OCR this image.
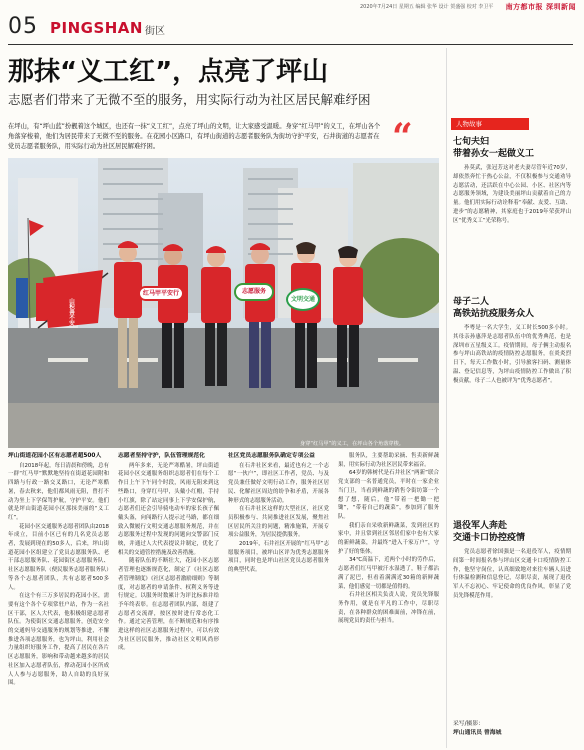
2020年7月24日 星期五 编辑 张华 设计 贺盛强 校对 李卫平 南方都市报 深圳新闻
05 PINGSHAN 街区
那抹“义工红”，点亮了坪山
志愿者们带来了无微不至的服务，用实际行动为社区居民解难纾困
在坪山，有“坪山蓝”扮靓着这个城区，也还有一抹“义工红”，点亮了坪山的文明，让大家感受温暖。身穿“红马甲”的义工，在坪山各个角落穿梭着，他们为居民带来了无微不至的服务。在花园小区路口，有坪山街道的志愿者服务队为街坊守护平安，石井街道的志愿者在党员志愿者服务队，用实际行动为社区居民解难纾困。	“
红马甲平安行	志愿服务
文明交通
山积善不安
身穿“红马甲”的义工，在坪山各个角落穿梭。
坪山街道花园小区有志愿者超500人

自2018年起，每日清晨和傍晚，总有一群“红马甲”默默地坚持在街道花园附和四路与行政一路交叉路口，无论严寒酷暑，春去秋来，他们都风雨无阻，曾打不动为坐上下学保驾护航，守护平安。他们就是坪山街道花园小区那抹美丽的“义工红”。

花园小区交通服务志愿者团队由2018年成立，目前小区已有的几名党员志愿者，发展到现在的50多人，后来，坪山街道花园小区组建立了党员志愿服务队、老干部志愿服务队、花园街区志愿服务队、社区志愿服务队（便民服务志愿者服务队）等各个志愿者团队，共有志愿者500多人。

在这个有三万多居民的花园小区，需要有这个各个专项常驻户站，作为一名社区干部，区人大代表，他积极组建志愿者队伍。为使街区交通志愿服务，创造安全的交通妈导交通服务的规划等推进，不懈推进各项志愿服务，也为坪山，利用社会力量组织好服务工作，提高了居民在各片区志愿服务，影响和带动越来越多的居民社区加入志愿者队伍，撑动花园小区所成人人参与志愿服务，助人自助的良好氛围。

志愿者坚持守护，队伍管理规范化

两年多来，无论严寒酷暑，坪山街道花园小区交通服务组织志愿者们在每个工作日上午下午同个时段，风雨无阻来到这些路口，身穿红马甲，头戴小红帽，手持小红旗，除了站定同事上下学安保护航，志愿者们还会引导骑电动车的家长孩子佩戴头盔，向闯路行人提示过马路，都在细致入微履行文明交通志愿服务规范，并在志愿服务过程中发现的问题向交警部门反映，并通过人大代表提议并制定，优化了相关的交通管控措施及改善措施。

随着队伍的不断壮大，花园小区志愿者管理也逐渐规范化，制定了《社区志愿者管理制度》《社区志愿者激励细则》等制度，对志愿者的申请条件、权利义务等进行规定。以服务时数累计为评比标准并给予年终表彰。在志愿者团队内部，组建了志愿者交流群，按区按时进行常态化工作。通过完善管理，在不断规范和有序推进这样的社区志愿服务过程中，可以有效为社区居民服务，推动社区文明风尚形成。

社区党员志愿服务队确定专项公益

在石井社区来看，最近也有之一个志愿“一伙户”，即社区工作者，党员、与及党员兼任做好文明行动工作，服务社区居民、化解社区周边的纷争和矛盾，开展各种形式的志愿服务活动。

在石井社区这样的大型社区，社区党员积极参与、共同推进社区发展，聚焦社区居民所关注的问题，精准施策，开展专项公益服务，为居民提供服务。

2019年，石井社区开展的“红马甲”志愿服务项目，被坪山区评为优秀志愿服务项目，同时也是坪山社区党员志愿者服务的典型代表。

服务队，主要帮助采摘、售卖新鲜蔬果，用实际行动为社区居民带来福音。

64岁的韩树代是石井社区“两新”联合党支部的一名普通党员，平时在一家企业当门卫，当看到鲜蔬的销售令街坊第一个想了想，随后，他“带着一把锄一把锄”，“带着自己的蔬菜”，参加到了服务队。

我们亲自采收新鲜蔬菜，发到社区的家中，并且常到社区邻居们家中也有大家的新鲜蔬菜，并最终“进入千家万户”，守护了好的集体。

34℃高温下，近两个小时的劳作后，志愿者们红马甲被汗水湿透了，鞋子都沾满了泥巴，但看着满满近30箱的新鲜蔬菜，他们感觉一切都是值得的。

石井社区相关负责人说，党员先锋服务作用，就是在平凡的工作中，尽职尽责，在各种群众的困难面前，冲锋在前，展现党员的责任与担当。

人物故事
七旬夫妇
带着孙女一起做义工

孙莫武，张冠芳这对老夫妻尽管年近70岁，却依然奔忙于热心公益，不仅积极参与交通劝导志愿活动，还活跃在中心公园、小区、社区内等志愿服务领域，为建设美丽坪山贡献着自己的力量。他们用实际行动诠释着“奉献、友爱、互助、进步”的志愿精神，其家庭也于2019年荣获坪山区“优秀义工”光荣称号。

母子二人
高铁站抗疫服务众人

李粤是一名大学生，义工时长500多小时。其母亲孙惠萍是志愿者队伍中的优秀典范，也是深圳市五星级义工。疫情期间，母子俩主动报名参与坪山高铁站的疫情防控志愿服务，在炎炎烈日下，每天工作数小时，引导旅客扫码、测量体温、登记信息等，为坪山疫情防控工作做出了积极贡献，母子二人也被评为“优秀志愿者”。

退役军人奔赴
交通卡口协控疫情

党员志愿者徐国强是一名退役军人，疫情期间第一时间报名参与坪山区交通卡口疫情防控工作，他坚守岗位，认真细致地对来往车辆人员进行体温检测和信息登记，尽职尽责，展现了退役军人不忘初心、牢记使命的优良作风，彰显了党员先锋模范作用。

采写/摄影：
坪山通讯员 曾海城
